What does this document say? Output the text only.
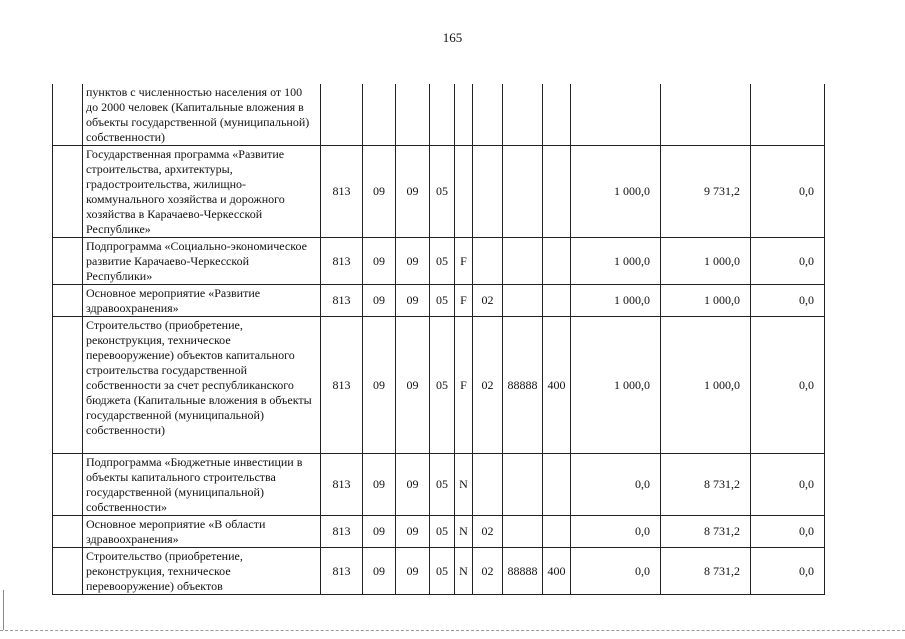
165
	пунктов с численностью населения от 100 до 2000 человек (Капитальные вложения в объекты государственной (муниципальной) собственности)											
	Государственная программа «Развитие строительства, архитектуры, градостроительства, жилищно-коммунального хозяйства и дорожного хозяйства в Карачаево-Черкесской Республике»	813	09	09	05					1 000,0	9 731,2	0,0
	Подпрограмма «Социально-экономическое развитие Карачаево-Черкесской Республики»	813	09	09	05	F				1 000,0	1 000,0	0,0
	Основное мероприятие «Развитие здравоохранения»	813	09	09	05	F	02			1 000,0	1 000,0	0,0
	Строительство (приобретение, реконструкция, техническое перевооружение) объектов капитального строительства государственной собственности за счет республиканского бюджета (Капитальные вложения в объекты государственной (муниципальной) собственности)	813	09	09	05	F	02	88888	400	1 000,0	1 000,0	0,0
	Подпрограмма «Бюджетные инвестиции в объекты капитального строительства государственной (муниципальной) собственности»	813	09	09	05	N				0,0	8 731,2	0,0
	Основное мероприятие «В области здравоохранения»	813	09	09	05	N	02			0,0	8 731,2	0,0
	Строительство (приобретение, реконструкция, техническое перевооружение) объектов	813	09	09	05	N	02	88888	400	0,0	8 731,2	0,0
